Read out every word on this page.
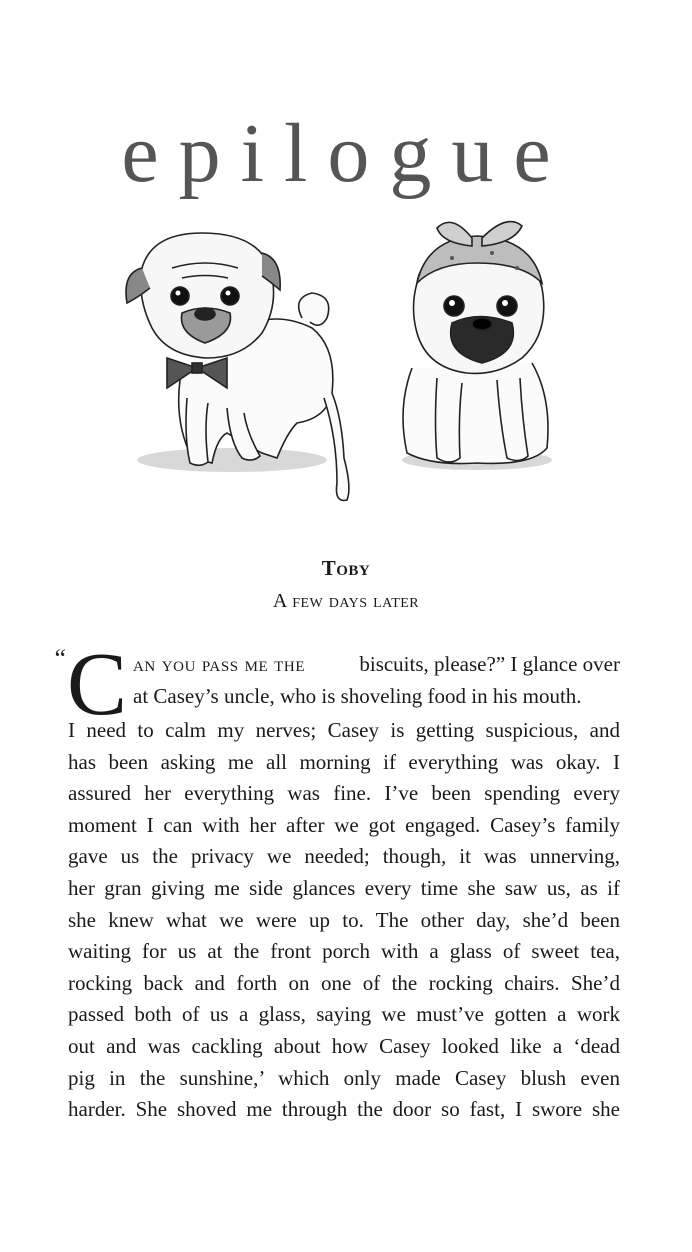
epilogue
Toby
A few days later
“ C an you pass me the	biscuits, please?” I glance over
at Casey’s uncle, who is shoveling food in his mouth.
I need to calm my nerves; Casey is getting suspicious, and
has been asking me all morning if everything was okay. I
assured her everything was fine. I’ve been spending every
moment I can with her after we got engaged. Casey’s family
gave us the privacy we needed; though, it was unnerving,
her gran giving me side glances every time she saw us, as if
she knew what we were up to. The other day, she’d been
waiting for us at the front porch with a glass of sweet tea,
rocking back and forth on one of the rocking chairs. She’d
passed both of us a glass, saying we must’ve gotten a work
out and was cackling about how Casey looked like a ‘dead
pig in the sunshine,’ which only made Casey blush even
harder. She shoved me through the door so fast, I swore she
